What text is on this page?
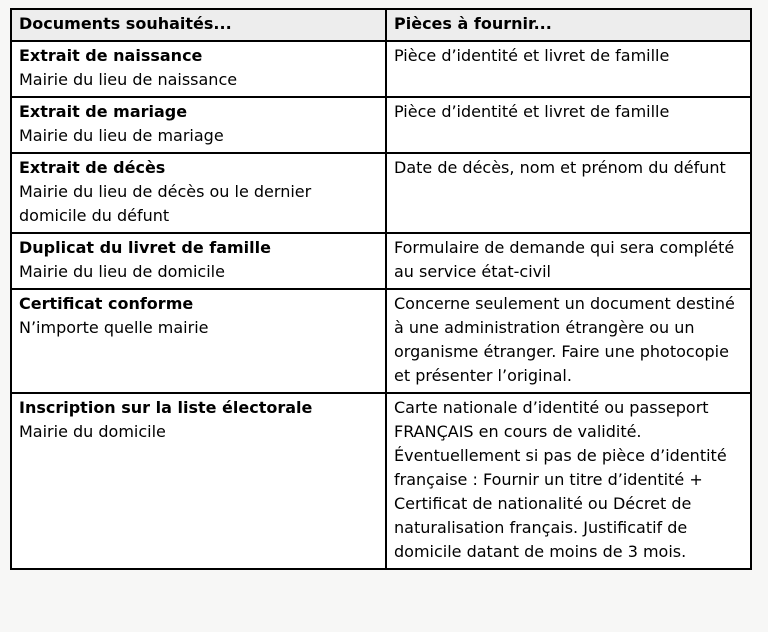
Documents souhaités...	Pièces à fournir...

Extrait de naissance
Mairie du lieu de naissance	Pièce d’identité et livret de famille

Extrait de mariage
Mairie du lieu de mariage	Pièce d’identité et livret de famille

Extrait de décès
Mairie du lieu de décès ou le dernier domicile du défunt	Date de décès, nom et prénom du défunt

Duplicat du livret de famille
Mairie du lieu de domicile	Formulaire de demande qui sera complété au service état-civil

Certificat conforme
N’importe quelle mairie	Concerne seulement un document destiné à une administration étrangère ou un organisme étranger. Faire une photocopie et présenter l’original.

Inscription sur la liste électorale
Mairie du domicile	Carte nationale d’identité ou passeport FRANÇAIS en cours de validité. Éventuellement si pas de pièce d’identité française : Fournir un titre d’identité + Certificat de nationalité ou Décret de naturalisation français. Justificatif de domicile datant de moins de 3 mois.
